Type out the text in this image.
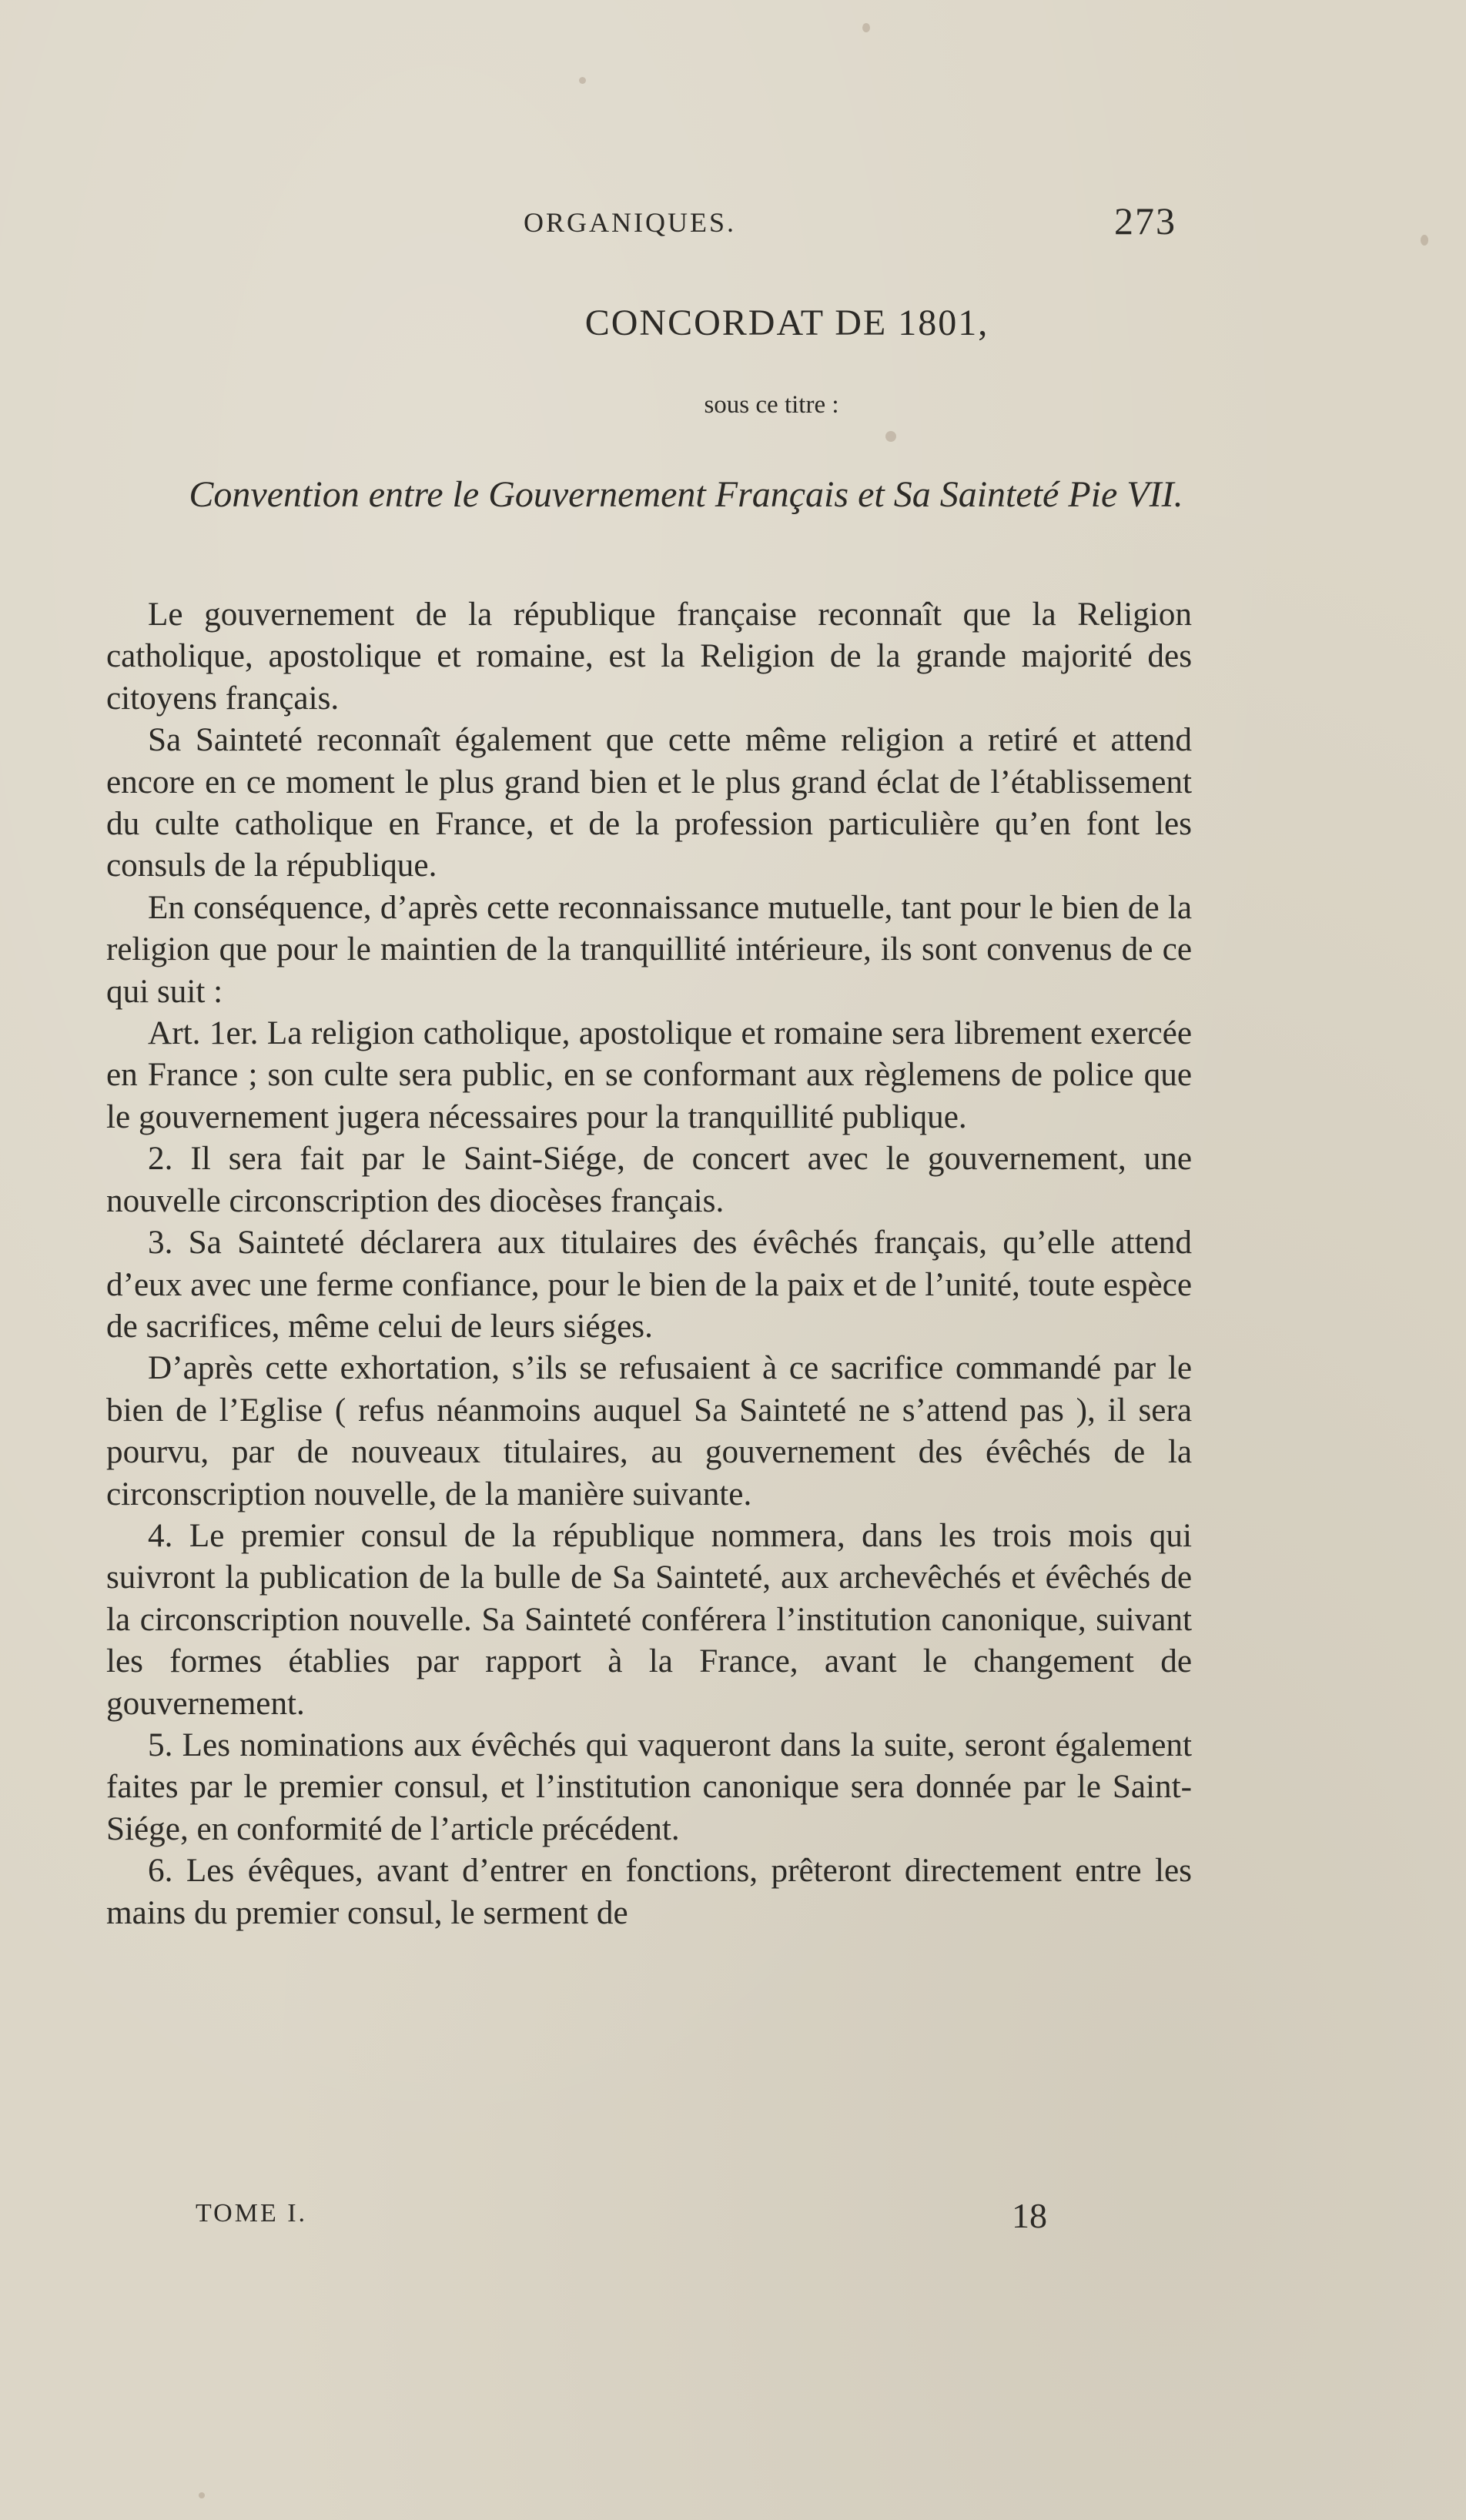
ORGANIQUES.	273
CONCORDAT DE 1801,
sous ce titre :
Convention entre le Gouvernement Français et Sa Sainteté Pie VII.

Le gouvernement de la république française reconnaît que la Religion catholique, apostolique et romaine, est la Religion de la grande majorité des citoyens français.

Sa Sainteté reconnaît également que cette même religion a retiré et attend encore en ce moment le plus grand bien et le plus grand éclat de l’établissement du culte catholique en France, et de la profession particulière qu’en font les consuls de la république.

En conséquence, d’après cette reconnaissance mutuelle, tant pour le bien de la religion que pour le maintien de la tranquillité intérieure, ils sont convenus de ce qui suit :

Art. 1er. La religion catholique, apostolique et romaine sera librement exercée en France ; son culte sera public, en se conformant aux règlemens de police que le gouvernement jugera nécessaires pour la tranquillité publique.

2. Il sera fait par le Saint-Siége, de concert avec le gouvernement, une nouvelle circonscription des diocèses français.

3. Sa Sainteté déclarera aux titulaires des évêchés français, qu’elle attend d’eux avec une ferme confiance, pour le bien de la paix et de l’unité, toute espèce de sacrifices, même celui de leurs siéges.

D’après cette exhortation, s’ils se refusaient à ce sacrifice commandé par le bien de l’Eglise ( refus néanmoins auquel Sa Sainteté ne s’attend pas ), il sera pourvu, par de nouveaux titulaires, au gouvernement des évêchés de la circonscription nouvelle, de la manière suivante.

4. Le premier consul de la république nommera, dans les trois mois qui suivront la publication de la bulle de Sa Sainteté, aux archevêchés et évêchés de la circonscription nouvelle. Sa Sainteté conférera l’institution canonique, suivant les formes établies par rapport à la France, avant le changement de gouvernement.

5. Les nominations aux évêchés qui vaqueront dans la suite, seront également faites par le premier consul, et l’institution canonique sera donnée par le Saint-Siége, en conformité de l’article précédent.

6. Les évêques, avant d’entrer en fonctions, prêteront directement entre les mains du premier consul, le serment de

TOME I.	18
